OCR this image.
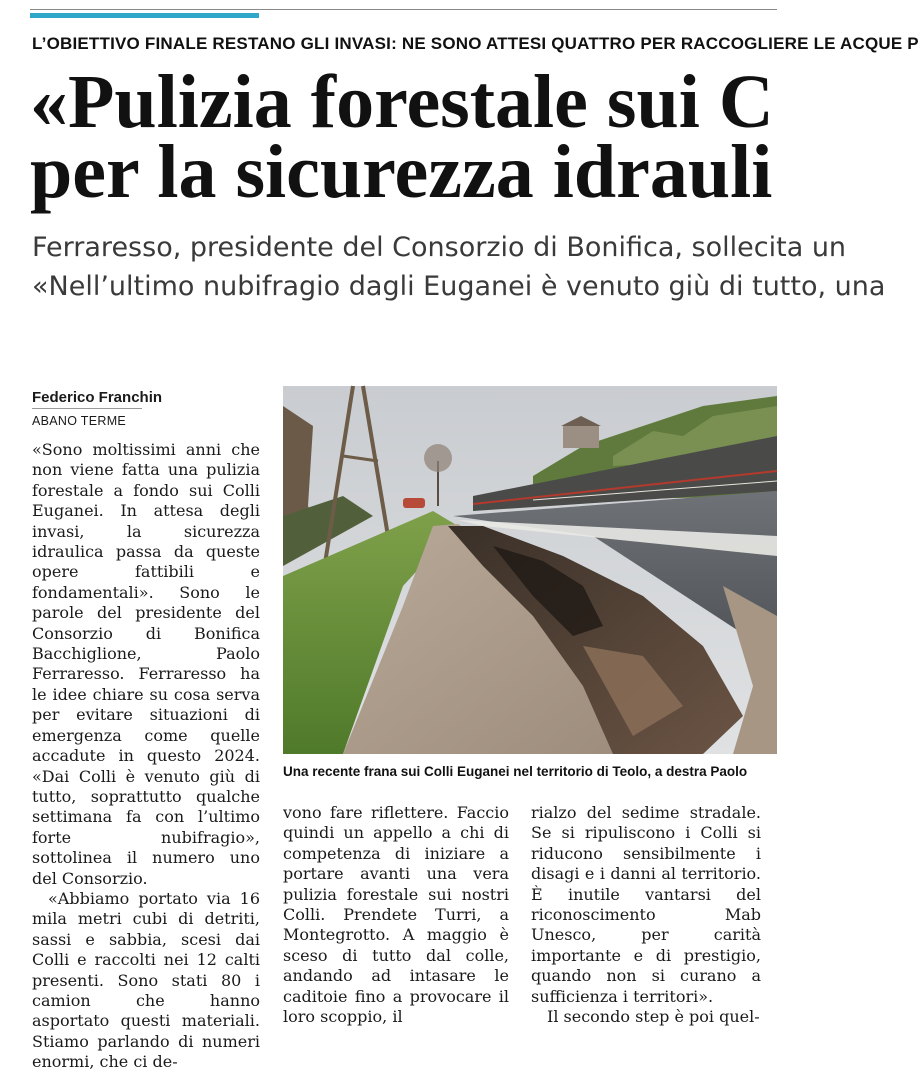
L’OBIETTIVO FINALE RESTANO GLI INVASI: NE SONO ATTESI QUATTRO PER RACCOGLIERE LE ACQUE P
«Pulizia forestale sui C
per la sicurezza idrauli
Ferraresso, presidente del Consorzio di Bonifica, sollecita un
«Nell’ultimo nubifragio dagli Euganei è venuto giù di tutto, una
Federico Franchin
ABANO TERME

«Sono moltissimi anni che non viene fatta una pulizia forestale a fondo sui Colli Euganei. In attesa degli invasi, la sicurezza idraulica passa da queste opere fattibili e fondamentali». Sono le parole del presidente del Consorzio di Bonifica Bacchiglione, Paolo Ferraresso. Ferraresso ha le idee chiare su cosa serva per evitare situazioni di emergenza come quelle accadute in questo 2024. «Dai Colli è venuto giù di tutto, soprattutto qualche settimana fa con l’ultimo forte nubifragio», sottolinea il numero uno del Consorzio.

«Abbiamo portato via 16 mila metri cubi di detriti, sassi e sabbia, scesi dai Colli e raccolti nei 12 calti presenti. Sono stati 80 i camion che hanno asportato questi materiali. Stiamo parlando di numeri enormi, che ci de-

Una recente frana sui Colli Euganei nel territorio di Teolo, a destra Paolo

vono fare riflettere. Faccio quindi un appello a chi di competenza di iniziare a portare avanti una vera pulizia forestale sui nostri Colli. Prendete Turri, a Montegrotto. A maggio è sceso di tutto dal colle, andando ad intasare le caditoie fino a provocare il loro scoppio, il

rialzo del sedime stradale. Se si ripuliscono i Colli si riducono sensibilmente i disagi e i danni al territorio. È inutile vantarsi del riconoscimento Mab Unesco, per carità importante e di prestigio, quando non si curano a sufficienza i territori».

Il secondo step è poi quel-
